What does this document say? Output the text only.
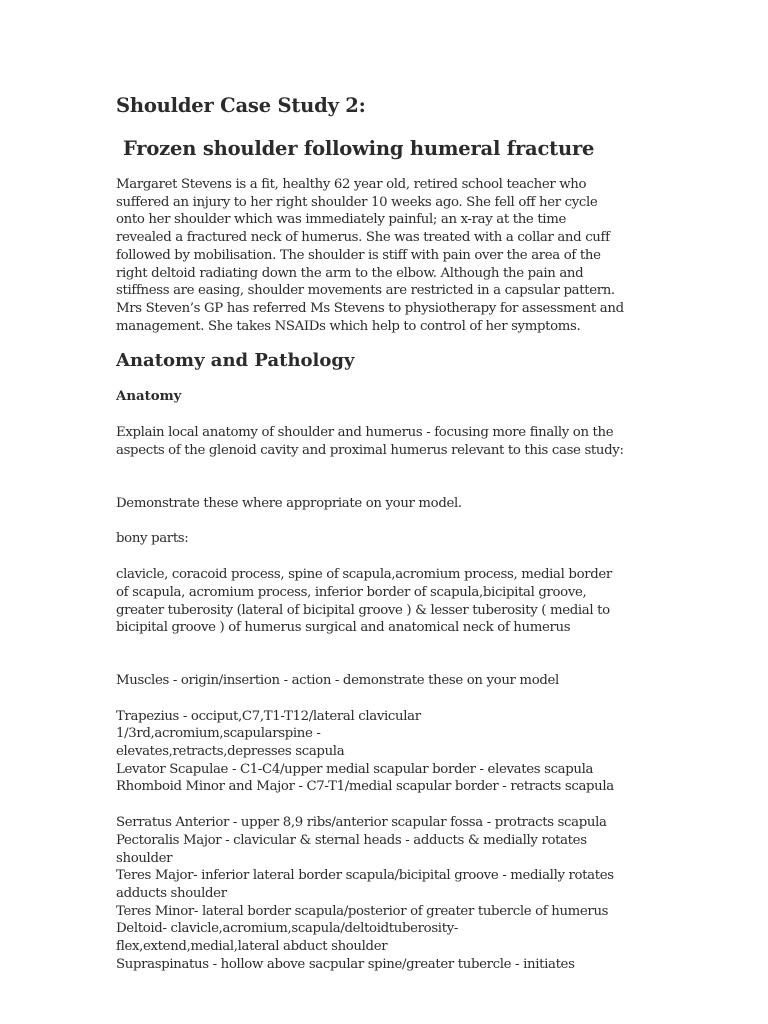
Shoulder Case Study 2:
Frozen shoulder following humeral fracture

Margaret Stevens is a fit, healthy 62 year old, retired school teacher who
suffered an injury to her right shoulder 10 weeks ago. She fell off her cycle
onto her shoulder which was immediately painful; an x-ray at the time
revealed a fractured neck of humerus. She was treated with a collar and cuff
followed by mobilisation. The shoulder is stiff with pain over the area of the
right deltoid radiating down the arm to the elbow. Although the pain and
stiffness are easing, shoulder movements are restricted in a capsular pattern.
Mrs Steven’s GP has referred Ms Stevens to physiotherapy for assessment and
management. She takes NSAIDs which help to control of her symptoms.

Anatomy and Pathology
Anatomy

Explain local anatomy of shoulder and humerus - focusing more finally on the
aspects of the glenoid cavity and proximal humerus relevant to this case study:

Demonstrate these where appropriate on your model.

bony parts:

clavicle, coracoid process, spine of scapula,acromium process, medial border
of scapula, acromium process, inferior border of scapula,bicipital groove,
greater tuberosity (lateral of bicipital groove ) & lesser tuberosity ( medial to
bicipital groove ) of humerus surgical and anatomical neck of humerus

Muscles - origin/insertion - action - demonstrate these on your model

Trapezius - occiput,C7,T1-T12/lateral clavicular
1/3rd,acromium,scapularspine -
elevates,retracts,depresses scapula
Levator Scapulae - C1-C4/upper medial scapular border - elevates scapula
Rhomboid Minor and Major - C7-T1/medial scapular border - retracts scapula

Serratus Anterior - upper 8,9 ribs/anterior scapular fossa - protracts scapula
Pectoralis Major - clavicular & sternal heads - adducts & medially rotates
shoulder
Teres Major- inferior lateral border scapula/bicipital groove - medially rotates
adducts shoulder
Teres Minor- lateral border scapula/posterior of greater tubercle of humerus
Deltoid- clavicle,acromium,scapula/deltoidtuberosity-
flex,extend,medial,lateral abduct shoulder
Supraspinatus - hollow above sacpular spine/greater tubercle - initiates
